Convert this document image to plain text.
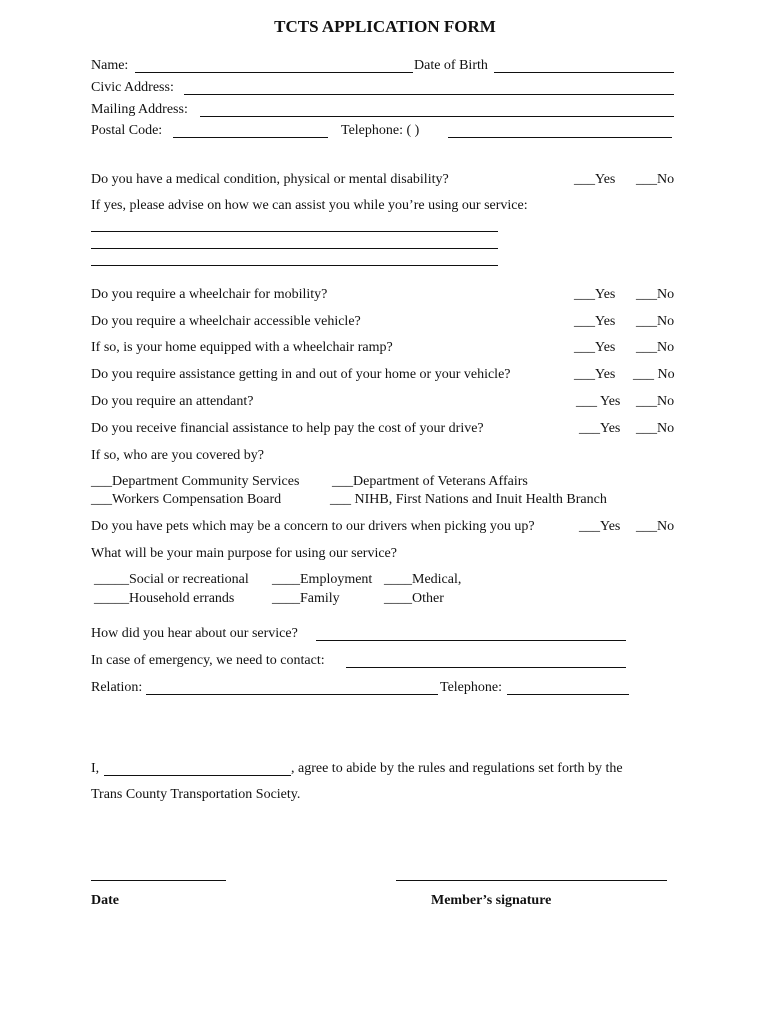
TCTS APPLICATION FORM
Name:	Date of Birth
Civic Address:
Mailing Address:
Postal Code:	Telephone: ( )
Do you have a medical condition, physical or mental disability?	___Yes ___No
If yes, please advise on how we can assist you while you’re using our service:
Do you require a wheelchair for mobility?	___Yes ___No
Do you require a wheelchair accessible vehicle?	___Yes ___No
If so, is your home equipped with a wheelchair ramp?	___Yes ___No
Do you require assistance getting in and out of your home or your vehicle?	___Yes ___ No
Do you require an attendant?	___ Yes ___No
Do you receive financial assistance to help pay the cost of your drive?	___Yes ___No
If so, who are you covered by?
___Department Community Services ___Department of Veterans Affairs
___Workers Compensation Board	___ NIHB, First Nations and Inuit Health Branch
Do you have pets which may be a concern to our drivers when picking you up?	___Yes ___No
What will be your main purpose for using our service?
_____Social or recreational ____Employment ____Medical,
_____Household errands	____Family	____Other
How did you hear about our service?
In case of emergency, we need to contact:
Relation:	Telephone:
I,	, agree to abide by the rules and regulations set forth by the
Trans County Transportation Society.
Date	Member’s signature
